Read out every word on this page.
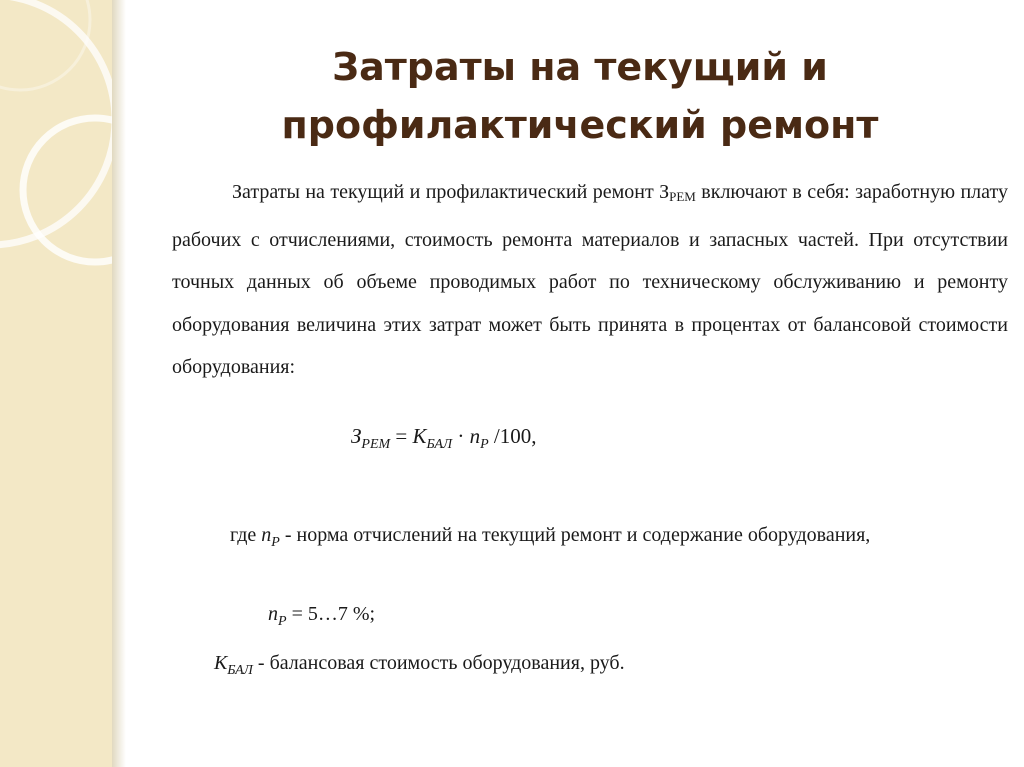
Затраты на текущий и профилактический ремонт

Затраты на текущий и профилактический ремонт $З_{РЕМ}$ включают в себя: заработную плату рабочих с отчислениями, стоимость ремонта материалов и запасных частей. При отсутствии точных данных об объеме проводимых работ по техническому обслуживанию и ремонту оборудования величина этих затрат может быть принята в процентах от балансовой стоимости оборудования:

$З_{РЕМ} = К_{БАЛ} \cdot n_Р$ /100,

где $n_Р$ - норма отчислений на текущий ремонт и содержание оборудования,

$n_Р$ = 5…7 %;
$К_{БАЛ}$ - балансовая стоимость оборудования, руб.
